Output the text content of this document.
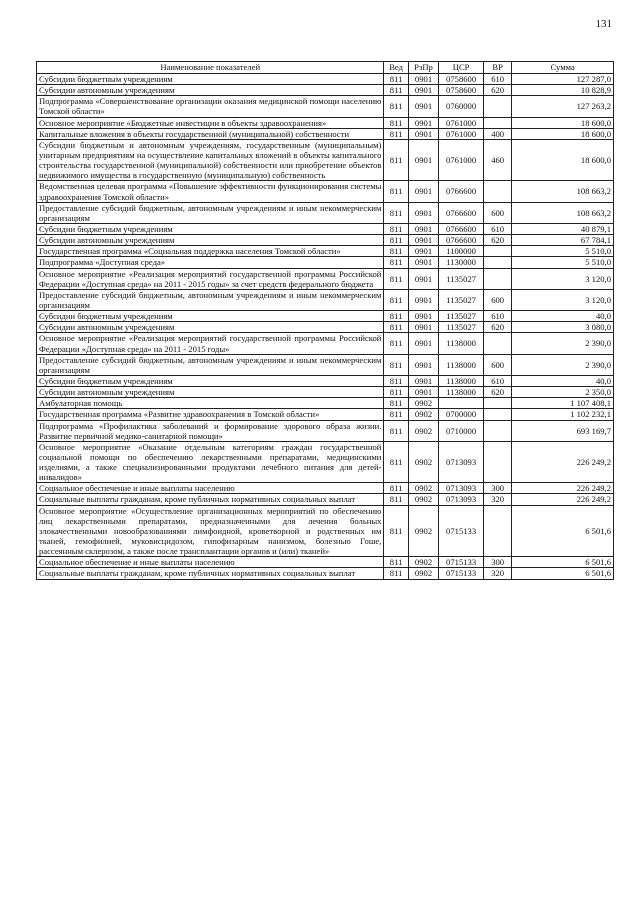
131
Наименование показателей	Вед	РзПр	ЦСР	ВР	Сумма
Субсидии бюджетным учреждениям	811	0901	0758600	610	127 287,0
Субсидии автономным учреждениям	811	0901	0758600	620	10 828,9
Подпрограмма «Совершенствование организации оказания медицинской помощи населению Томской области»	811	0901	0760000		127 263,2
Основное мероприятие «Бюджетные инвестиции в объекты здравоохранения»	811	0901	0761000		18 600,0
Капитальные вложения в объекты государственной (муниципальной) собственности	811	0901	0761000	400	18 600,0
Субсидии бюджетным и автономным учреждениям, государственным (муниципальным) унитарным предприятиям на осуществление капитальных вложений в объекты капитального строительства государственной (муниципальной) собственности или приобретение объектов недвижимого имущества в государственную (муниципальную) собственность	811	0901	0761000	460	18 600,0
Ведомственная целевая программа «Повышение эффективности функционирования системы здравоохранения Томской области»	811	0901	0766600		108 663,2
Предоставление субсидий бюджетным, автономным учреждениям и иным некоммерческим организациям	811	0901	0766600	600	108 663,2
Субсидии бюджетным учреждениям	811	0901	0766600	610	40 879,1
Субсидии автономным учреждениям	811	0901	0766600	620	67 784,1
Государственная программа «Социальная поддержка населения Томской области»	811	0901	1100000		5 510,0
Подпрограмма «Доступная среда»	811	0901	1130000		5 510,0
Основное мероприятие «Реализация мероприятий государственной программы Российской Федерации «Доступная среда» на 2011 - 2015 годы» за счет средств федерального бюджета	811	0901	1135027		3 120,0
Предоставление субсидий бюджетным, автономным учреждениям и иным некоммерческим организациям	811	0901	1135027	600	3 120,0
Субсидии бюджетным учреждениям	811	0901	1135027	610	40,0
Субсидии автономным учреждениям	811	0901	1135027	620	3 080,0
Основное мероприятие «Реализация мероприятий государственной программы Российской Федерации «Доступная среда» на 2011 - 2015 годы»	811	0901	1138000		2 390,0
Предоставление субсидий бюджетным, автономным учреждениям и иным некоммерческим организациям	811	0901	1138000	600	2 390,0
Субсидии бюджетным учреждениям	811	0901	1138000	610	40,0
Субсидии автономным учреждениям	811	0901	1138000	620	2 350,0
Амбулаторная помощь	811	0902			1 107 408,1
Государственная программа «Развитие здравоохранения в Томской области»	811	0902	0700000		1 102 232,1
Подпрограмма «Профилактика заболеваний и формирование здорового образа жизни. Развитие первичной медико-санитарной помощи»	811	0902	0710000		693 169,7
Основное мероприятие «Оказание отдельным категориям граждан государственной социальной помощи по обеспечению лекарственными препаратами, медицинскими изделиями, а также специализированными продуктами лечебного питания для детей-инвалидов»	811	0902	0713093		226 249,2
Социальное обеспечение и иные выплаты населению	811	0902	0713093	300	226 249,2
Социальные выплаты гражданам, кроме публичных нормативных социальных выплат	811	0902	0713093	320	226 249,2
Основное мероприятие «Осуществление организационных мероприятий по обеспечению лиц лекарственными препаратами, предназначенными для лечения больных злокачественными новообразованиями лимфоидной, кроветворной и родственных им тканей, гемофилией, муковисцидозом, гипофизарным нанизмом, болезнью Гоше, рассеянным склерозом, а также после трансплантации органов и (или) тканей»	811	0902	0715133		6 501,6
Социальное обеспечение и иные выплаты населению	811	0902	0715133	300	6 501,6
Социальные выплаты гражданам, кроме публичных нормативных социальных выплат	811	0902	0715133	320	6 501,6
